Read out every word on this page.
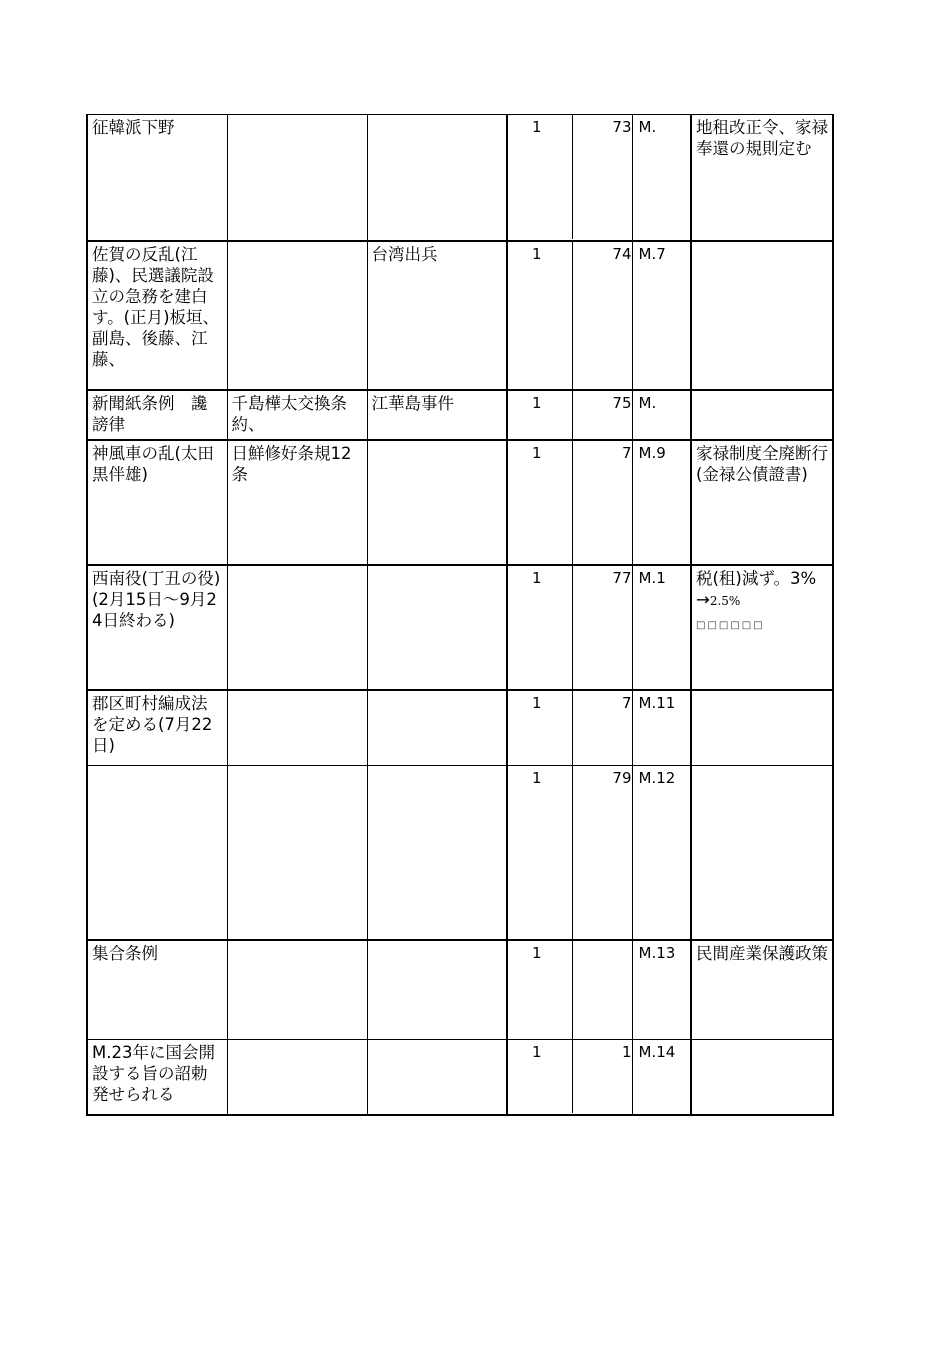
征韓派下野			1 73	M.	地租改正令、家禄奉還の規則定む
佐賀の反乱(江藤)、民選議院設立の急務を建白す。(正月)板垣、副島、後藤、江藤、		台湾出兵	1 74	M.7	
新聞紙条例　讒謗律	千島樺太交換条約、	江華島事件	1 75	M.	
神風車の乱(太田黒伴雄)	日鮮修好条規12条		1 7	M.9	家禄制度全廃断行(金禄公債證書)
西南役(丁丑の役)(2月15日～9月24日終わる)			1 77	M.1	税(租)減ず。3%→2.5%
□□□□□□
郡区町村編成法を定める(7月22日)			1 7	M.11	

			1 79	M.12	
集合条例			1	M.13	民間産業保護政策
M.23年に国会開設する旨の詔勅発せられる			1 1	M.14	
